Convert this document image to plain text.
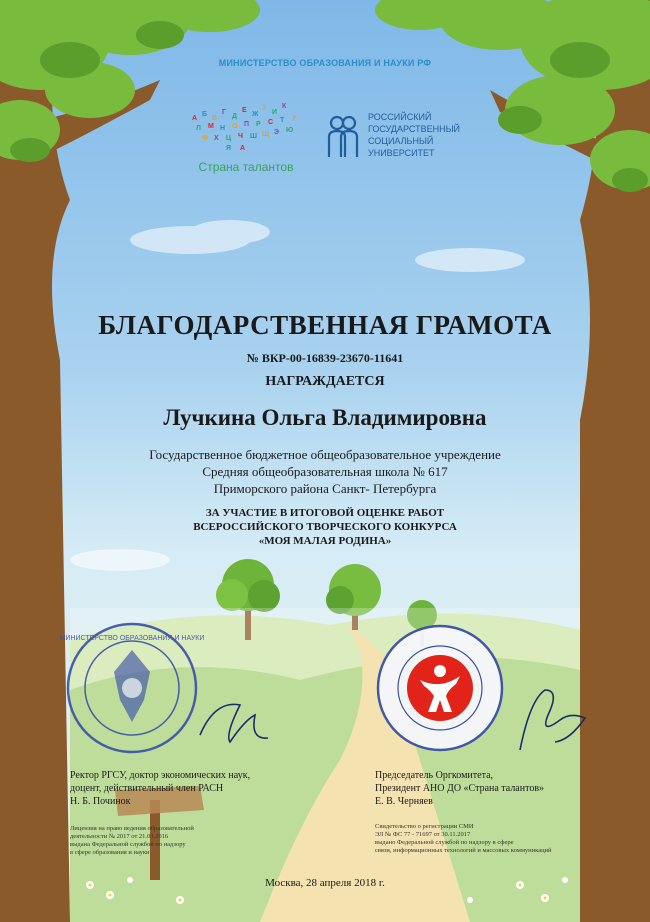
МИНИСТЕРСТВО ОБРАЗОВАНИЯ И НАУКИ
МИНИСТЕРСТВО ОБРАЗОВАНИЯ И НАУКИ РФ
А
Б
В
Г
Д
Е
Ж
З
И
К
Л М Н О П Р С Т У
Ф Х Ц Ч Ш Щ Э Ю
Я А
Страна талантов
РОССИЙСКИЙ
ГОСУДАРСТВЕННЫЙ
СОЦИАЛЬНЫЙ
УНИВЕРСИТЕТ
БЛАГОДАРСТВЕННАЯ ГРАМОТА
№ ВКР-00-16839-23670-11641
НАГРАЖДАЕТСЯ
Лучкина Ольга Владимировна
Государственное бюджетное общеобразовательное учреждение
Средняя общеобразовательная школа № 617
Приморского района Санкт- Петербурга
ЗА УЧАСТИЕ В ИТОГОВОЙ ОЦЕНКЕ РАБОТ
ВСЕРОССИЙСКОГО ТВОРЧЕСКОГО КОНКУРСА
«МОЯ МАЛАЯ РОДИНА»
Ректор РГСУ, доктор экономических наук,
доцент, действительный член РАСН
Н. Б. Починок
Председатель Оргкомитета,
Президент АНО ДО «Страна талантов»
Е. В. Черняев
Лицензия на право ведения образовательной
деятельности № 2017 от 21.03.2016
выдана Федеральной службой по надзору
в сфере образования и науки
Свидетельство о регистрации СМИ
ЭЛ № ФС 77 - 71697 от 30.11.2017
выдано Федеральной службой по надзору в сфере
связи, информационных технологий и массовых коммуникаций
Москва, 28 апреля 2018 г.
